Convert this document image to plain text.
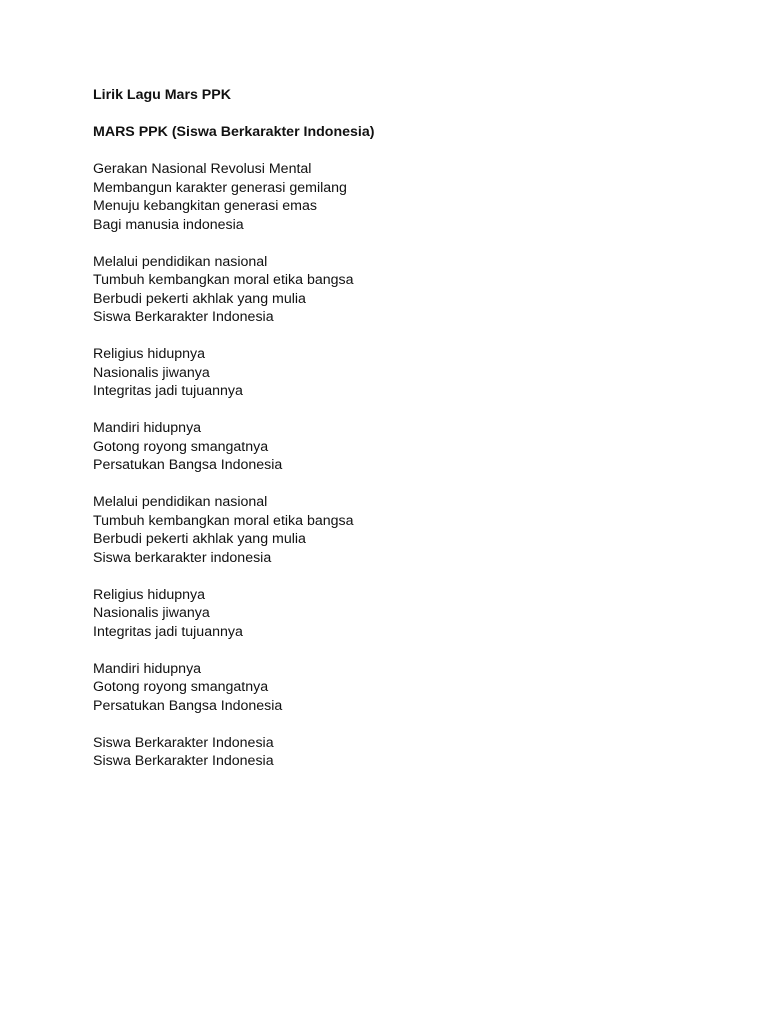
Lirik Lagu Mars PPK

MARS PPK (Siswa Berkarakter Indonesia)

Gerakan Nasional Revolusi Mental
Membangun karakter generasi gemilang
Menuju kebangkitan generasi emas
Bagi manusia indonesia
Melalui pendidikan nasional
Tumbuh kembangkan moral etika bangsa
Berbudi pekerti akhlak yang mulia
Siswa Berkarakter Indonesia
Religius hidupnya
Nasionalis jiwanya
Integritas jadi tujuannya
Mandiri hidupnya
Gotong royong smangatnya
Persatukan Bangsa Indonesia
Melalui pendidikan nasional
Tumbuh kembangkan moral etika bangsa
Berbudi pekerti akhlak yang mulia
Siswa berkarakter indonesia
Religius hidupnya
Nasionalis jiwanya
Integritas jadi tujuannya
Mandiri hidupnya
Gotong royong smangatnya
Persatukan Bangsa Indonesia
Siswa Berkarakter Indonesia
Siswa Berkarakter Indonesia
